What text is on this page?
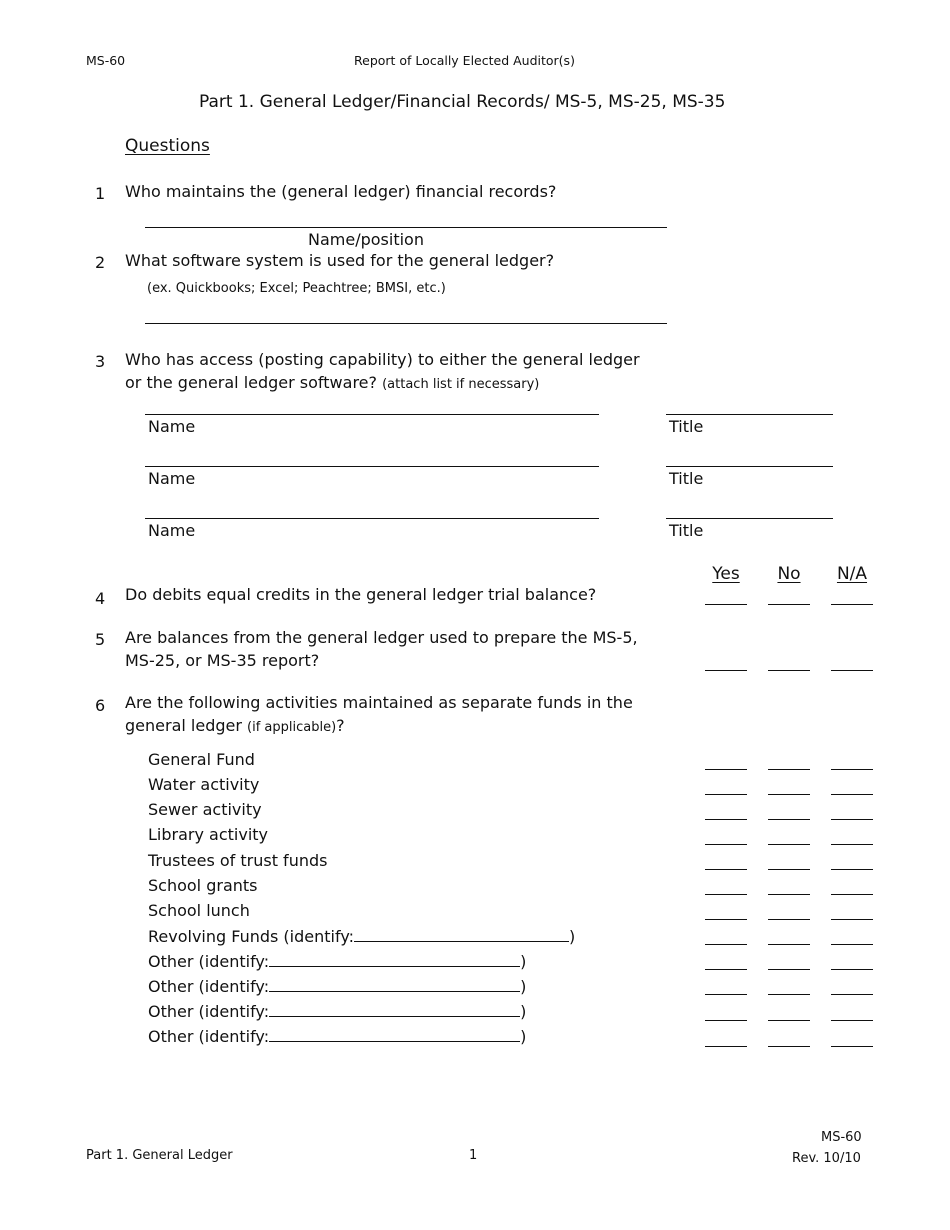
MS-60	Report of Locally Elected Auditor(s)
Part 1. General Ledger/Financial Records/ MS-5, MS-25, MS-35
Questions
1 Who maintains the (general ledger) financial records?
Name/position
2 What software system is used for the general ledger?
(ex. Quickbooks; Excel; Peachtree; BMSI, etc.)
3 Who has access (posting capability) to either the general ledger
or the general ledger software? (attach list if necessary)
Name	Title
Name	Title
Name	Title
Yes	No	N/A
4 Do debits equal credits in the general ledger trial balance?
5 Are balances from the general ledger used to prepare the MS-5,
MS-25, or MS-35 report?
6 Are the following activities maintained as separate funds in the
general ledger (if applicable)?
General Fund
Water activity
Sewer activity
Library activity
Trustees of trust funds
School grants
School lunch
Revolving Funds (identify:	)
Other (identify:	)
Other (identify:	)
Other (identify:	)
Other (identify:	)
Part 1. General Ledger	1
MS-60
Rev. 10/10
